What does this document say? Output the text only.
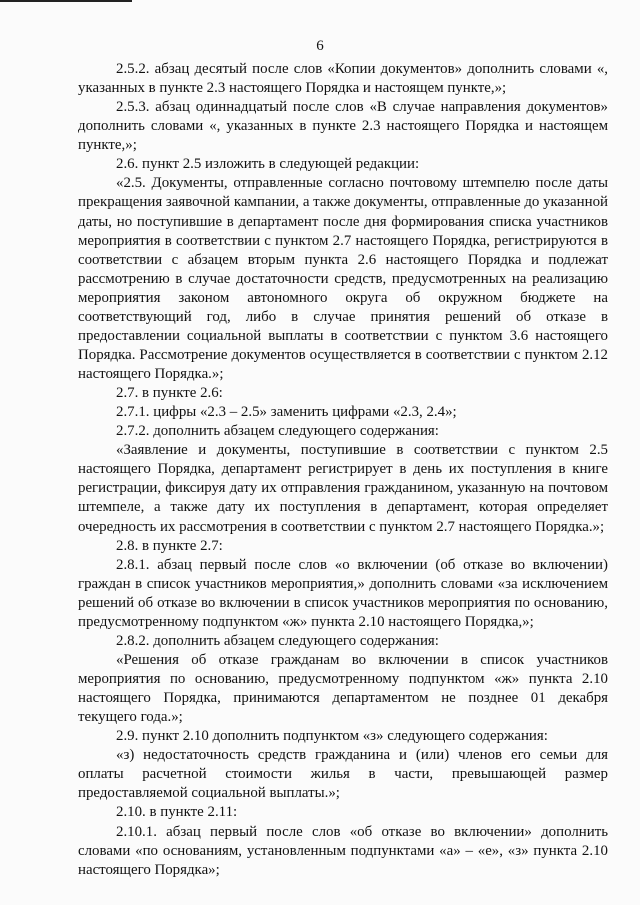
6

2.5.2. абзац десятый после слов «Копии документов» дополнить словами «, указанных в пункте 2.3 настоящего Порядка и настоящем пункте,»;

2.5.3. абзац одиннадцатый после слов «В случае направления документов» дополнить словами «, указанных в пункте 2.3 настоящего Порядка и настоящем пункте,»;

2.6. пункт 2.5 изложить в следующей редакции:

«2.5. Документы, отправленные согласно почтовому штемпелю после даты прекращения заявочной кампании, а также документы, отправленные до указанной даты, но поступившие в департамент после дня формирования списка участников мероприятия в соответствии с пунктом 2.7 настоящего Порядка, регистрируются в соответствии с абзацем вторым пункта 2.6 настоящего Порядка и подлежат рассмотрению в случае достаточности средств, предусмотренных на реализацию мероприятия законом автономного округа об окружном бюджете на соответствующий год, либо в случае принятия решений об отказе в предоставлении социальной выплаты в соответствии с пунктом 3.6 настоящего Порядка. Рассмотрение документов осуществляется в соответствии с пунктом 2.12 настоящего Порядка.»;

2.7. в пункте 2.6:

2.7.1. цифры «2.3 – 2.5» заменить цифрами «2.3, 2.4»;

2.7.2. дополнить абзацем следующего содержания:

«Заявление и документы, поступившие в соответствии с пунктом 2.5 настоящего Порядка, департамент регистрирует в день их поступления в книге регистрации, фиксируя дату их отправления гражданином, указанную на почтовом штемпеле, а также дату их поступления в департамент, которая определяет очередность их рассмотрения в соответствии с пунктом 2.7 настоящего Порядка.»;

2.8. в пункте 2.7:

2.8.1. абзац первый после слов «о включении (об отказе во включении) граждан в список участников мероприятия,» дополнить словами «за исключением решений об отказе во включении в список участников мероприятия по основанию, предусмотренному подпунктом «ж» пункта 2.10 настоящего Порядка,»;

2.8.2. дополнить абзацем следующего содержания:

«Решения об отказе гражданам во включении в список участников мероприятия по основанию, предусмотренному подпунктом «ж» пункта 2.10 настоящего Порядка, принимаются департаментом не позднее 01 декабря текущего года.»;

2.9. пункт 2.10 дополнить подпунктом «з» следующего содержания:

«з) недостаточность средств гражданина и (или) членов его семьи для оплаты расчетной стоимости жилья в части, превышающей размер предоставляемой социальной выплаты.»;

2.10. в пункте 2.11:

2.10.1. абзац первый после слов «об отказе во включении» дополнить словами «по основаниям, установленным подпунктами «а» – «е», «з» пункта 2.10 настоящего Порядка»;
